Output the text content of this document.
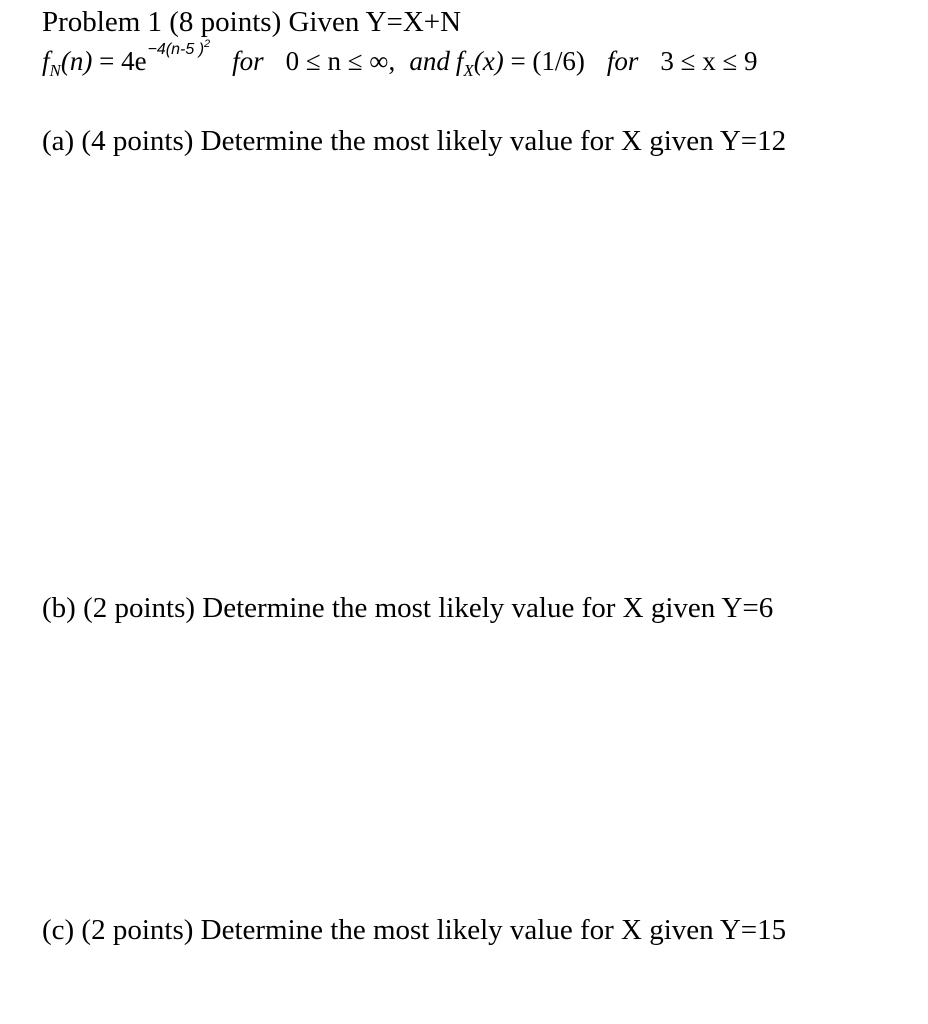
Problem 1 (8 points) Given Y=X+N
f N (n) = 4e −4(n-5 )$^2$
for 0 ≤ n ≤ ∞, and f X (x) = (1/6) for 3 ≤ x ≤ 9
(a) (4 points) Determine the most likely value for X given Y=12
(b) (2 points) Determine the most likely value for X given Y=6
(c) (2 points) Determine the most likely value for X given Y=15
